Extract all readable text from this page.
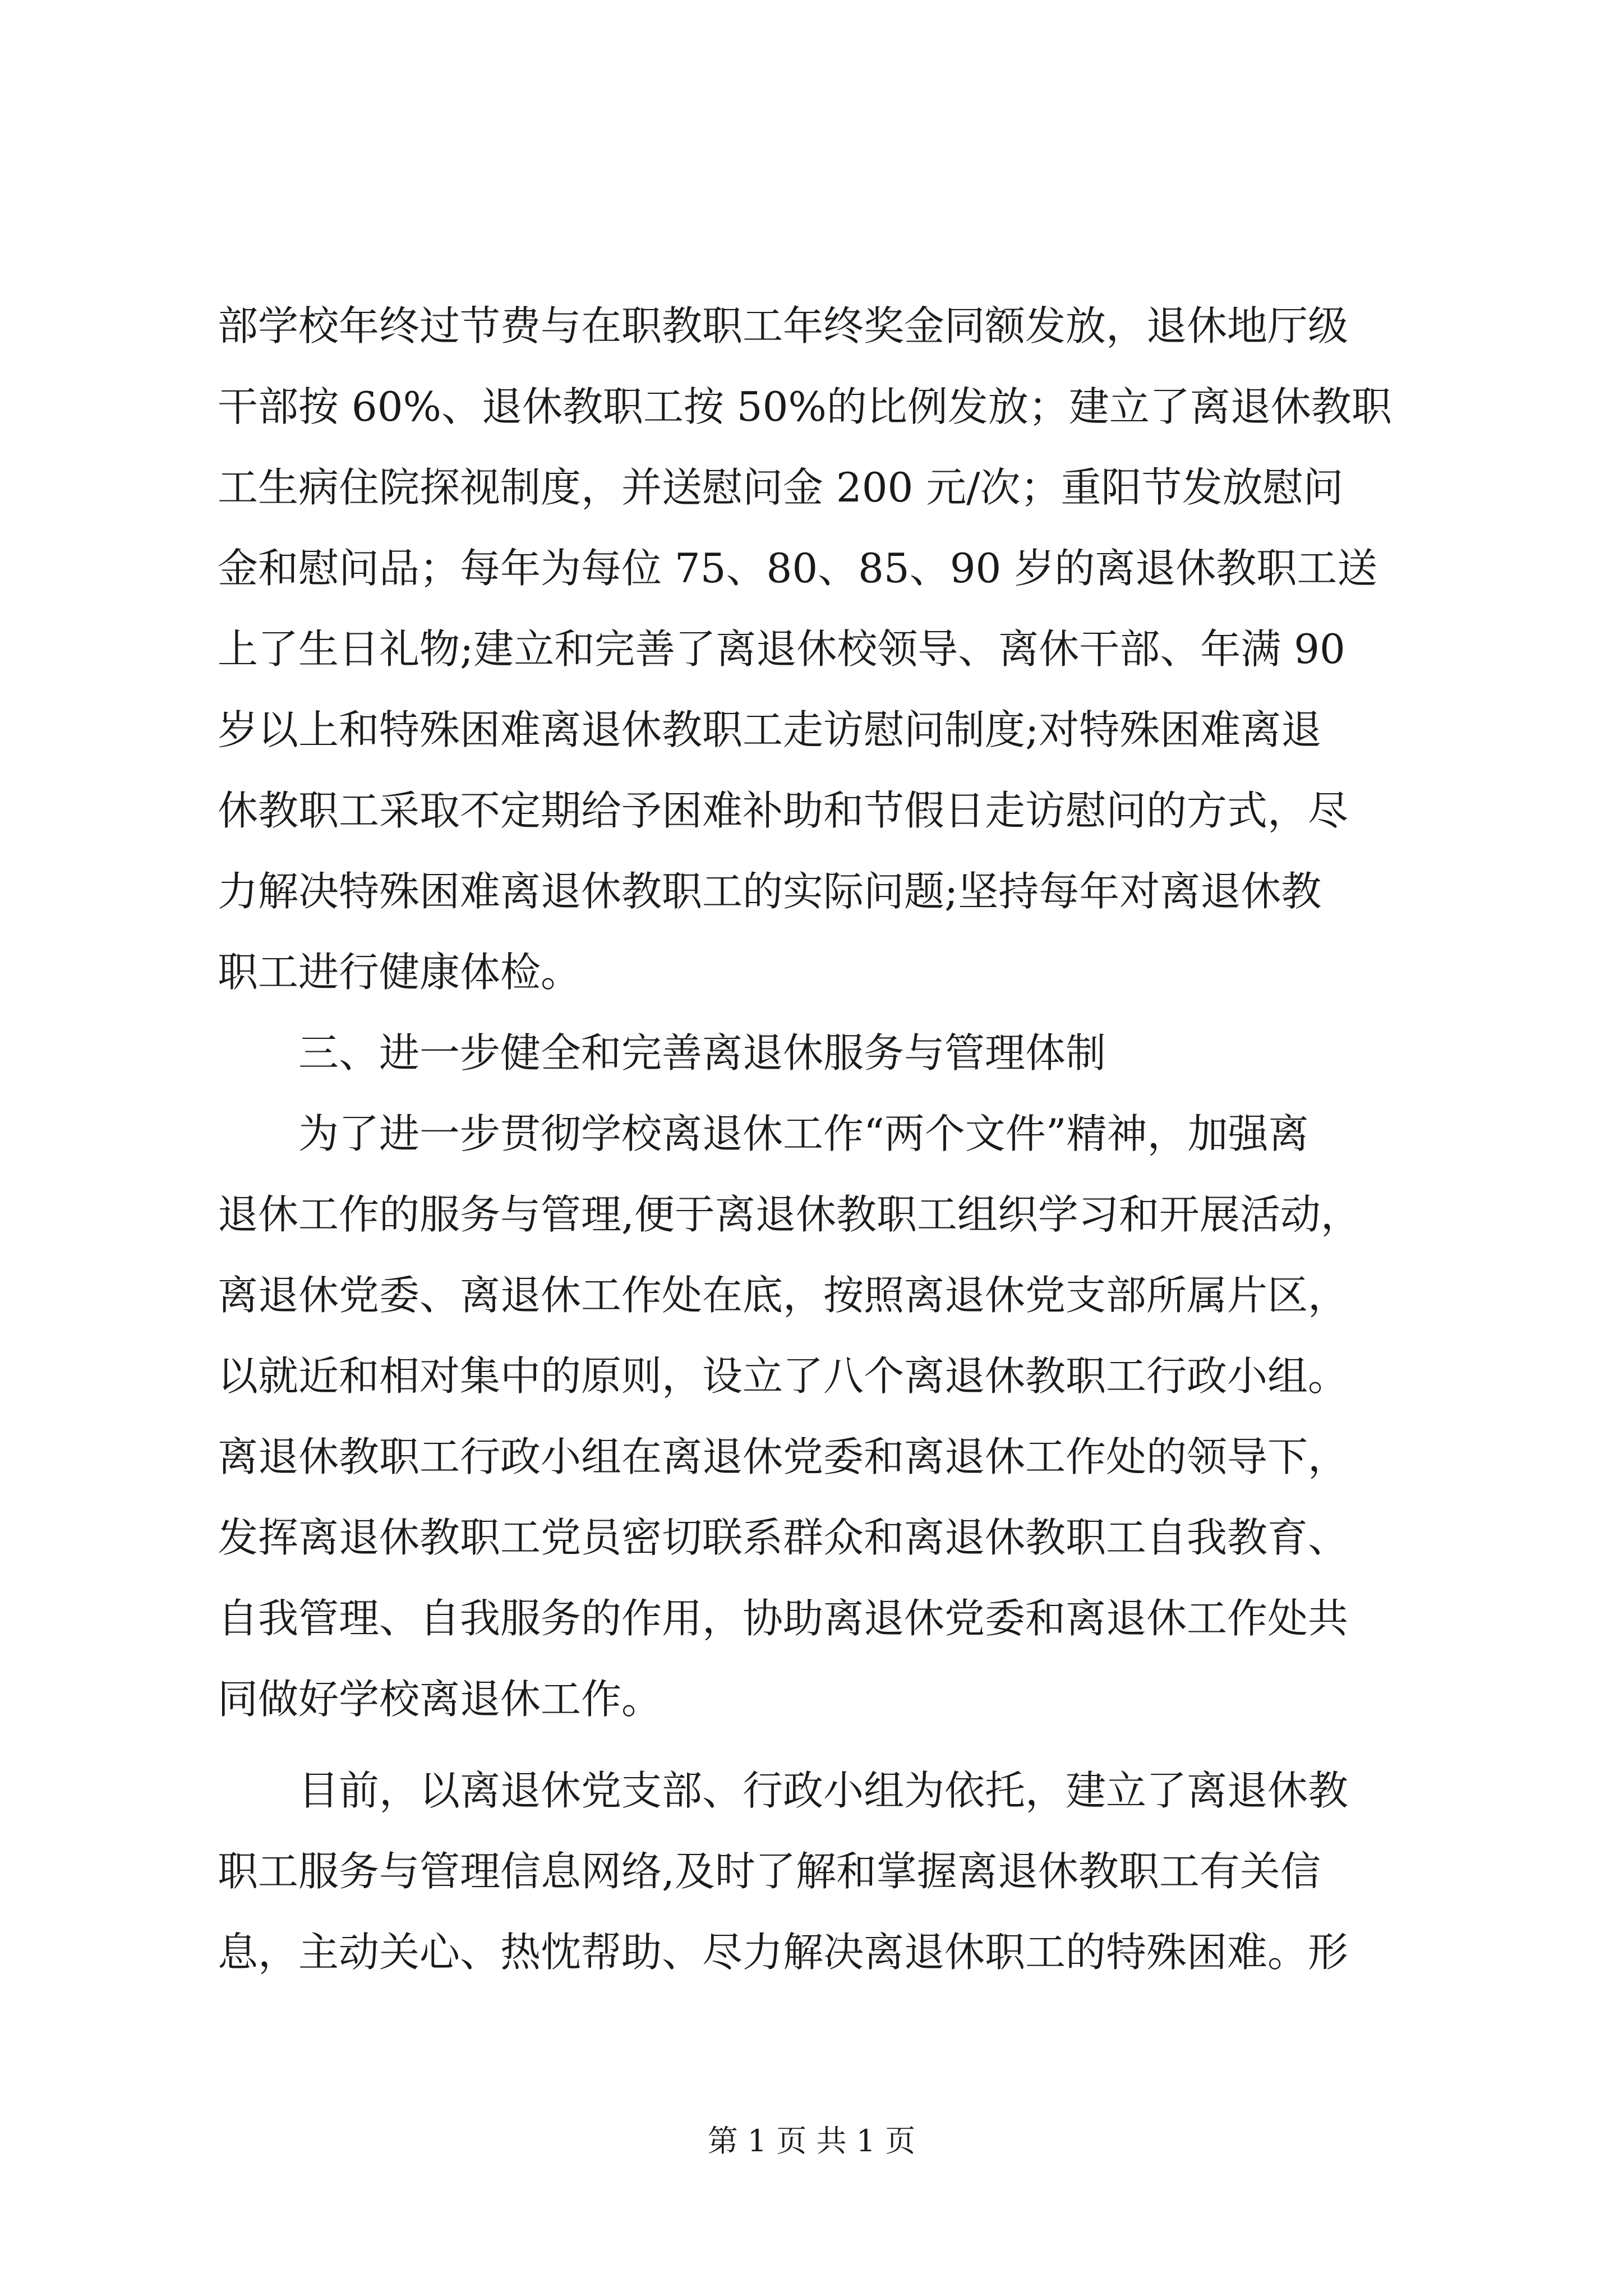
部学校年终过节费与在职教职工年终奖金同额发放，退休地厅级
干部按 60%、退休教职工按 50%的比例发放；建立了离退休教职
工生病住院探视制度，并送慰问金 200 元/次；重阳节发放慰问
金和慰问品；每年为每位 75、80、85、90 岁的离退休教职工送
上了生日礼物;建立和完善了离退休校领导、离休干部、年满 90
岁以上和特殊困难离退休教职工走访慰问制度;对特殊困难离退
休教职工采取不定期给予困难补助和节假日走访慰问的方式，尽
力解决特殊困难离退休教职工的实际问题;坚持每年对离退休教
职工进行健康体检。
三、进一步健全和完善离退休服务与管理体制
为了进一步贯彻学校离退休工作“两个文件”精神，加强离
退休工作的服务与管理,便于离退休教职工组织学习和开展活动，
离退休党委、离退休工作处在底，按照离退休党支部所属片区，
以就近和相对集中的原则，设立了八个离退休教职工行政小组。
离退休教职工行政小组在离退休党委和离退休工作处的领导下，
发挥离退休教职工党员密切联系群众和离退休教职工自我教育、
自我管理、自我服务的作用，协助离退休党委和离退休工作处共
同做好学校离退休工作。
目前，以离退休党支部、行政小组为依托，建立了离退休教
职工服务与管理信息网络,及时了解和掌握离退休教职工有关信
息，主动关心、热忱帮助、尽力解决离退休职工的特殊困难。形
第 1 页 共 1 页
